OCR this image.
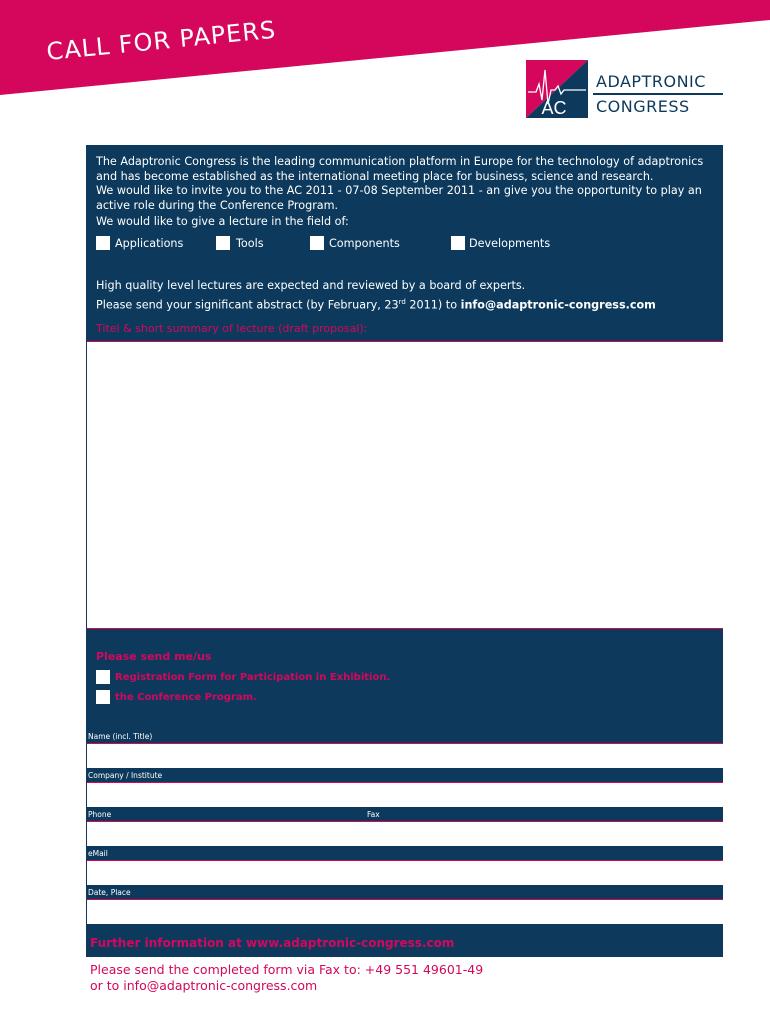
CALL FOR PAPERS
AC
ADAPTRONIC
CONGRESS

The Adaptronic Congress is the leading communication platform in Europe for the technology of adaptronics and has become established as the international meeting place for business, science and research.

We would like to invite you to the AC 2011 - 07-08 September 2011 - an give you the opportunity to play an active role during the Conference Program.

We would like to give a lecture in the field of:
Applications	Tools	Components	Developments
High quality level lectures are expected and reviewed by a board of experts.
Please send your significant abstract (by February, 23rd 2011) to info@adaptronic-congress.com
Titel & short summary of lecture (draft proposal):
Please send me/us
Registration Form for Participation in Exhibition.
the Conference Program.
Name (incl. Title)
Company / Institute
Phone	Fax
eMail
Date, Place
Further information at www.adaptronic-congress.com
Please send the completed form via Fax to: +49 551 49601-49
or to info@adaptronic-congress.com
